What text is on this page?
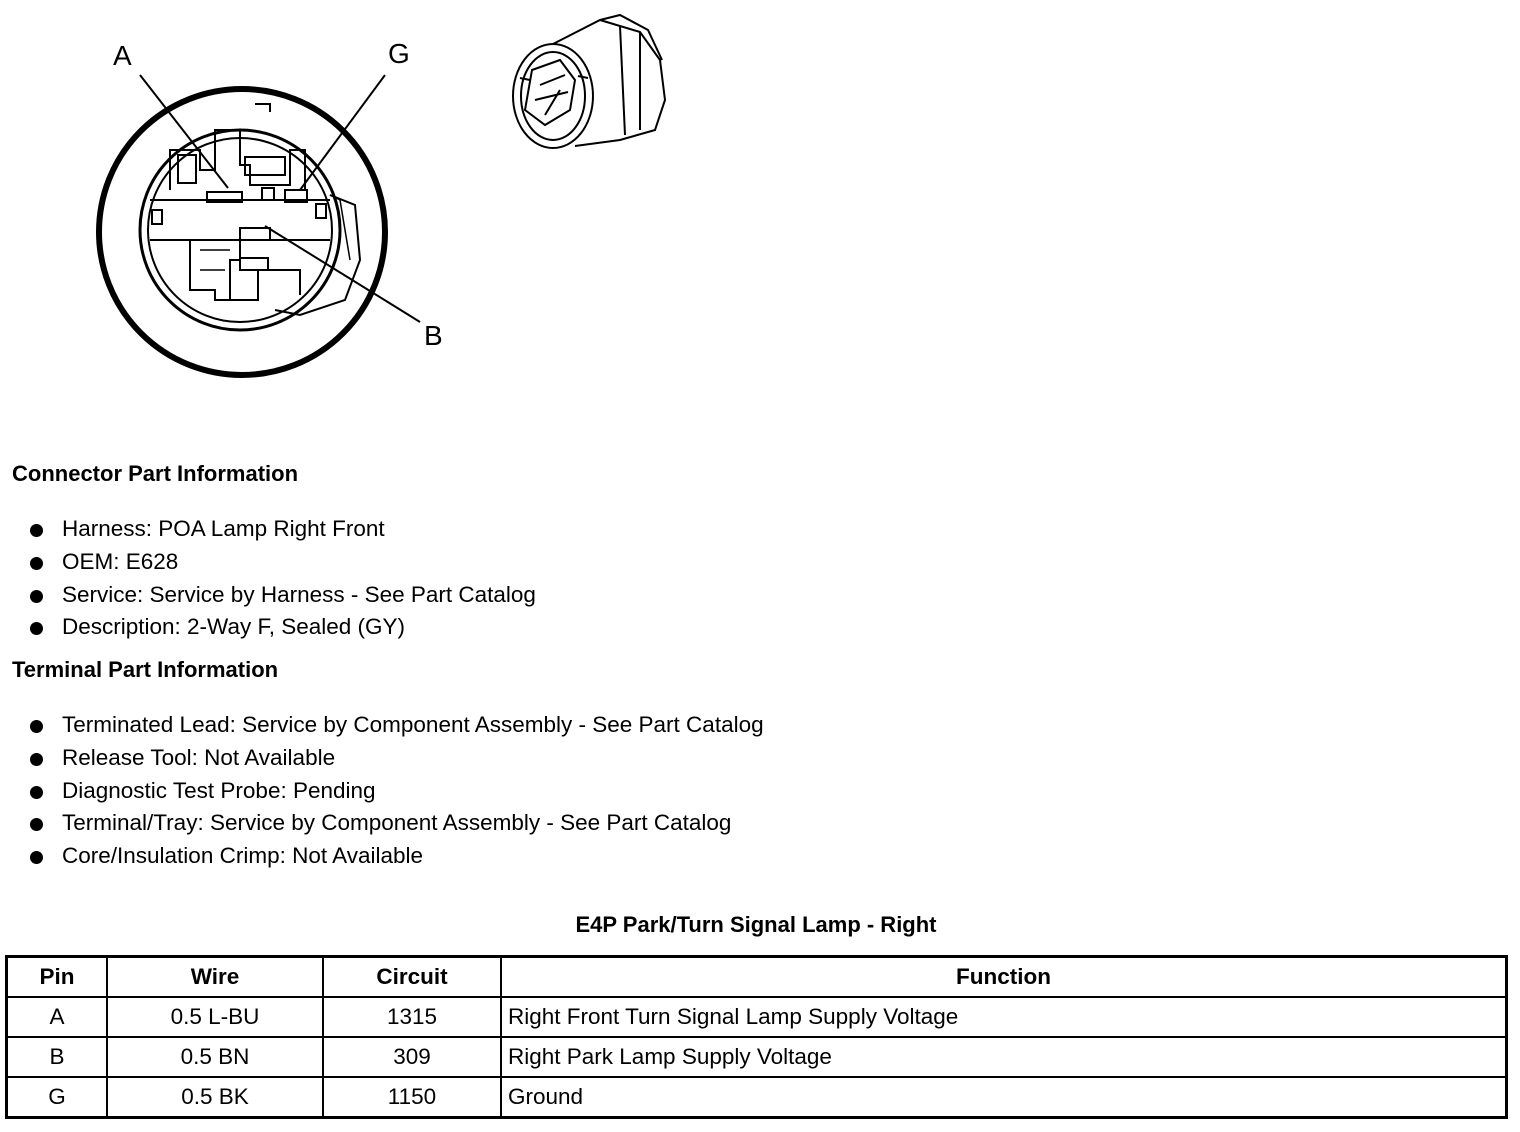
A	G
B
Connector Part Information
Harness: POA Lamp Right Front
OEM: E628
Service: Service by Harness - See Part Catalog
Description: 2-Way F, Sealed (GY)
Terminal Part Information
Terminated Lead: Service by Component Assembly - See Part Catalog
Release Tool: Not Available
Diagnostic Test Probe: Pending
Terminal/Tray: Service by Component Assembly - See Part Catalog
Core/Insulation Crimp: Not Available
E4P Park/Turn Signal Lamp - Right
Pin	Wire	Circuit	Function
A	0.5 L-BU	1315	Right Front Turn Signal Lamp Supply Voltage
B	0.5 BN	309	Right Park Lamp Supply Voltage
G	0.5 BK	1150	Ground
